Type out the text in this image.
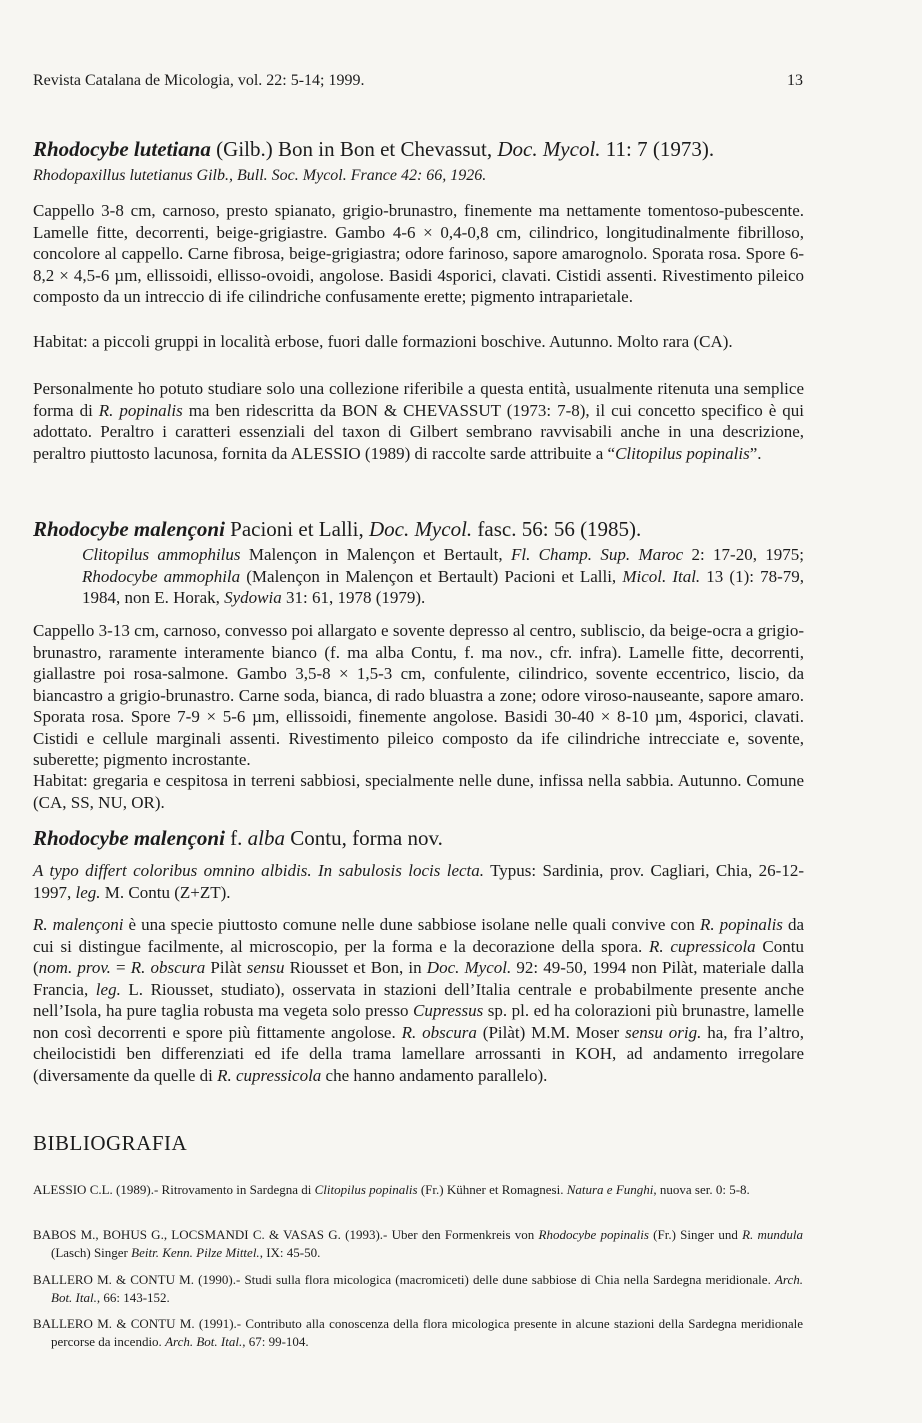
Revista Catalana de Micologia, vol. 22: 5-14; 1999.	13
Rhodocybe lutetiana (Gilb.) Bon in Bon et Chevassut, Doc. Mycol. 11: 7 (1973).
Rhodopaxillus lutetianus Gilb., Bull. Soc. Mycol. France 42: 66, 1926.

Cappello 3-8 cm, carnoso, presto spianato, grigio-brunastro, finemente ma nettamente tomentoso-pubescente. Lamelle fitte, decorrenti, beige-grigiastre. Gambo 4-6 × 0,4-0,8 cm, cilindrico, longitudinalmente fibrilloso, concolore al cappello. Carne fibrosa, beige-grigiastra; odore farinoso, sapore amarognolo. Sporata rosa. Spore 6-8,2 × 4,5-6 µm, ellissoidi, ellisso-ovoidi, angolose. Basidi 4sporici, clavati. Cistidi assenti. Rivestimento pileico composto da un intreccio di ife cilindriche confusamente erette; pigmento intraparietale.

Habitat: a piccoli gruppi in località erbose, fuori dalle formazioni boschive. Autunno. Molto rara (CA).

Personalmente ho potuto studiare solo una collezione riferibile a questa entità, usualmente ritenuta una semplice forma di R. popinalis ma ben ridescritta da BON & CHEVASSUT (1973: 7-8), il cui concetto specifico è qui adottato. Peraltro i caratteri essenziali del taxon di Gilbert sembrano ravvisabili anche in una descrizione, peraltro piuttosto lacunosa, fornita da ALESSIO (1989) di raccolte sarde attribuite a “Clitopilus popinalis”.

Rhodocybe malençoni Pacioni et Lalli, Doc. Mycol. fasc. 56: 56 (1985).
Clitopilus ammophilus Malençon in Malençon et Bertault, Fl. Champ. Sup. Maroc 2: 17-20, 1975; Rhodocybe ammophila (Malençon in Malençon et Bertault) Pacioni et Lalli, Micol. Ital. 13 (1): 78-79, 1984, non E. Horak, Sydowia 31: 61, 1978 (1979).

Cappello 3-13 cm, carnoso, convesso poi allargato e sovente depresso al centro, subliscio, da beige-ocra a grigio-brunastro, raramente interamente bianco (f. ma alba Contu, f. ma nov., cfr. infra). Lamelle fitte, decorrenti, giallastre poi rosa-salmone. Gambo 3,5-8 × 1,5-3 cm, confulente, cilindrico, sovente eccentrico, liscio, da biancastro a grigio-brunastro. Carne soda, bianca, di rado bluastra a zone; odore viroso-nauseante, sapore amaro. Sporata rosa. Spore 7-9 × 5-6 µm, ellissoidi, finemente angolose. Basidi 30-40 × 8-10 µm, 4sporici, clavati. Cistidi e cellule marginali assenti. Rivestimento pileico composto da ife cilindriche intrecciate e, sovente, suberette; pigmento incrostante.

Habitat: gregaria e cespitosa in terreni sabbiosi, specialmente nelle dune, infissa nella sabbia. Autunno. Comune (CA, SS, NU, OR).

Rhodocybe malençoni f. alba Contu, forma nov.

A typo differt coloribus omnino albidis. In sabulosis locis lecta. Typus: Sardinia, prov. Cagliari, Chia, 26-12-1997, leg. M. Contu (Z+ZT).

R. malençoni è una specie piuttosto comune nelle dune sabbiose isolane nelle quali convive con R. popinalis da cui si distingue facilmente, al microscopio, per la forma e la decorazione della spora. R. cupressicola Contu (nom. prov. = R. obscura Pilàt sensu Riousset et Bon, in Doc. Mycol. 92: 49-50, 1994 non Pilàt, materiale dalla Francia, leg. L. Riousset, studiato), osservata in stazioni dell’Italia centrale e probabilmente presente anche nell’Isola, ha pure taglia robusta ma vegeta solo presso Cupressus sp. pl. ed ha colorazioni più brunastre, lamelle non così decorrenti e spore più fittamente angolose. R. obscura (Pilàt) M.M. Moser sensu orig. ha, fra l’altro, cheilocistidi ben differenziati ed ife della trama lamellare arrossanti in KOH, ad andamento irregolare (diversamente da quelle di R. cupressicola che hanno andamento parallelo).

BIBLIOGRAFIA

ALESSIO C.L. (1989).- Ritrovamento in Sardegna di Clitopilus popinalis (Fr.) Kühner et Romagnesi. Natura e Funghi, nuova ser. 0: 5-8.

BABOS M., BOHUS G., LOCSMANDI C. & VASAS G. (1993).- Uber den Formenkreis von Rhodocybe popinalis (Fr.) Singer und R. mundula (Lasch) Singer Beitr. Kenn. Pilze Mittel., IX: 45-50.

BALLERO M. & CONTU M. (1990).- Studi sulla flora micologica (macromiceti) delle dune sabbiose di Chia nella Sardegna meridionale. Arch. Bot. Ital., 66: 143-152.

BALLERO M. & CONTU M. (1991).- Contributo alla conoscenza della flora micologica presente in alcune stazioni della Sardegna meridionale percorse da incendio. Arch. Bot. Ital., 67: 99-104.
